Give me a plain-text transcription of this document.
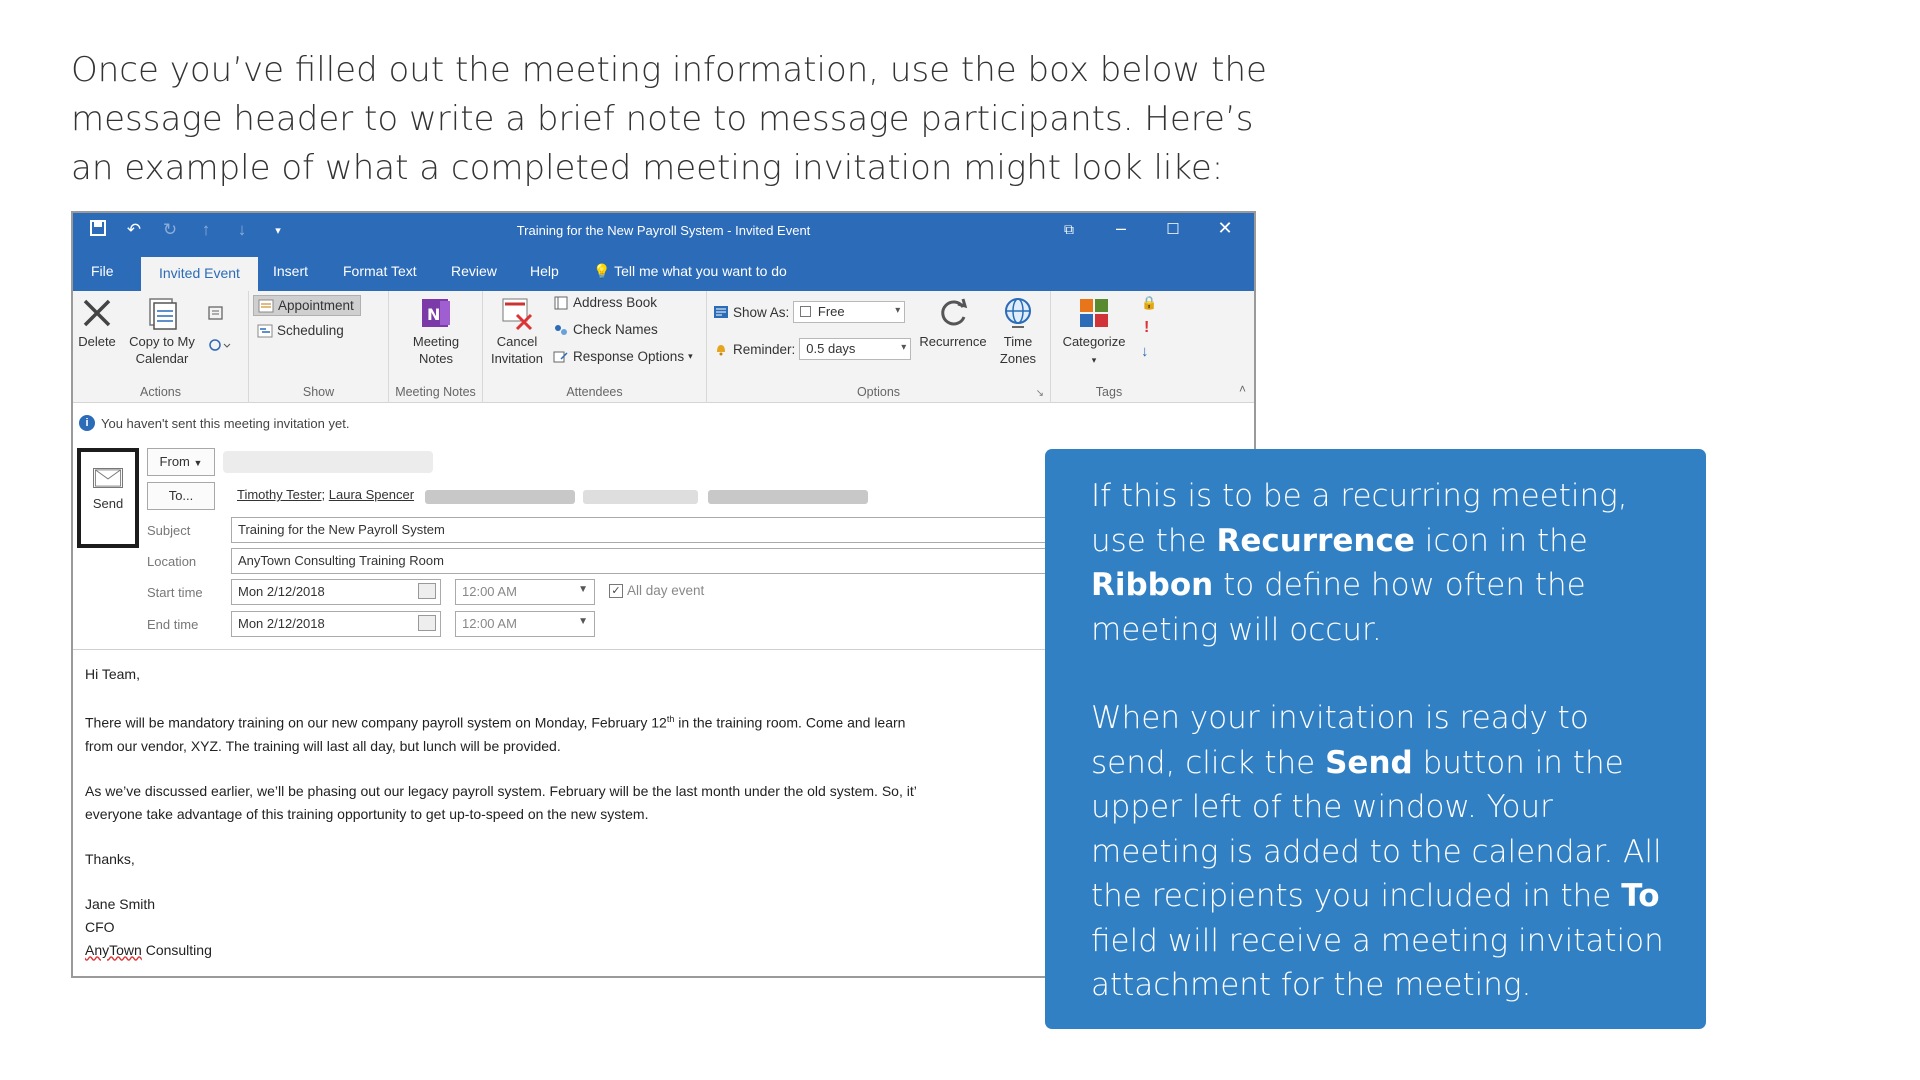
Once you’ve filled out the meeting information, use the box below the message header to write a brief note to message participants. Here’s an example of what a completed meeting invitation might look like:
↶ ↻	↑	↓	▾	Training for the New Payroll System - Invited Event	⧉	–	☐	✕
File	Invited Event	Insert Format Text Review Help 💡 Tell me what you want to do
Delete	Copy to My
Calendar
Actions
Appointment
Scheduling
Show
N
Meeting
Notes
Meeting Notes
Cancel
Invitation
Address Book
Check Names
Response Options ▾
Attendees
Show As:	Free	▾
Reminder: 0.5 days	▾	Recurrence	Time
Zones
Options	↘
Categorize
▾
🔒
!
↓
Tags	˄
i You haven't sent this meeting invitation yet.
Send
From ▼
To...	Timothy Tester; Laura Spencer
Subject	Training for the New Payroll System
Location	AnyTown Consulting Training Room
Start time	Mon 2/12/2018	12:00 AM	▼ ✓ All day event
End time	Mon 2/12/2018	12:00 AM	▼

Hi Team,

There will be mandatory training on our new company payroll system on Monday, February 12th in the training room. Come and learn
from our vendor, XYZ. The training will last all day, but lunch will be provided.

As we’ve discussed earlier, we’ll be phasing out our legacy payroll system. February will be the last month under the old system. So, it’
everyone take advantage of this training opportunity to get up-to-speed on the new system.

Thanks,

Jane Smith
CFO
AnyTown Consulting
If this is to be a recurring meeting, use the Recurrence icon in the Ribbon to define how often the meeting will occur.
When your invitation is ready to send, click the Send button in the upper left of the window. Your meeting is added to the calendar. All the recipients you included in the To field will receive a meeting invitation attachment for the meeting.
